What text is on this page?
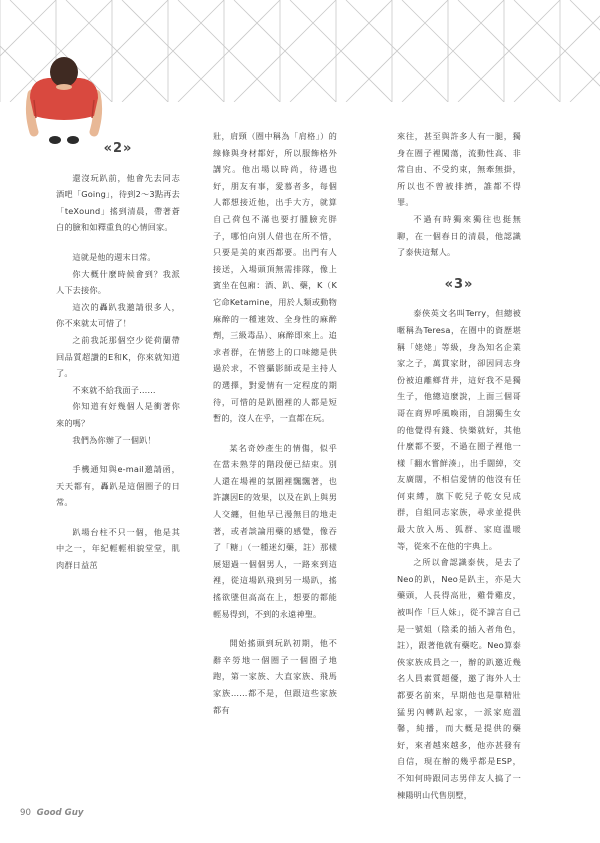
«2»

還沒玩趴前，他會先去同志酒吧「Going」，待到2～3點再去「teXound」搖到清晨，帶著蒼白的臉和如釋重負的心情回家。

這就是他的週末日常。

你大概什麼時候會到？我派人下去接你。

這次的轟趴我邀請很多人，你不來就太可惜了！

之前我託那個空少從荷蘭帶回品質超讚的E和K，你來就知道了。

不來就不給我面子……

你知道有好幾個人是衝著你來的嗎？

我們為你辦了一個趴！

手機通知與e-mail邀請函，天天都有，轟趴是這個圈子的日常。

趴場台柱不只一個，他是其中之一，年紀輕輕相貌堂堂，肌肉群日益茁

壯，肩頸（圈中稱為「肩格」）的線條與身材都好，所以服飾格外講究。他出場以時尚，待遇也好，朋友有事，愛慕者多，每個人都想接近他，出手大方，就算自己荷包不滿也要打腫臉充胖子，哪怕向別人借也在所不惜，只要是美的東西都要。出門有人接送，入場頭頂無需排隊，像上賓坐在包廂：酒、趴、藥，K（K它命Ketamine，用於人類或動物麻醉的一種速效、全身性的麻醉劑，三級毒品）、麻醉即來上。追求者群，在情慾上的口味總是供過於求，不管攝影師或是主持人的選擇，對愛情有一定程度的期待，可惜的是趴圈裡的人都是短暫的，沒人在乎，一直都在玩。

某名奇妙產生的情傷，似乎在當未熟芽的階段便已結束。別人還在場裡的氛圍裡飄飄著，也許讓因E的效果，以及在趴上與男人交纏，但他早已漫無目的地走著，或者談論用藥的感覺，像吞了「糖」（一種迷幻藥，註）那樣展翅過一個個男人，一路來到這裡，從這場趴飛到另一場趴，搖搖欲墜但高高在上，想要的都能輕易得到，不到的永遠神聖。

開始搖頭到玩趴初期，他不辭辛勞地一個圈子一個圈子地跑，第一家族、大直家族、飛馬家族……都不是，但跟這些家族都有

來往，甚至與許多人有一腿，獨身在圈子裡闖蕩，流動性高、非常自由、不受約束，無牽無掛，所以也不曾被排擠，誰都不得罪。

不過有時獨來獨往也挺無聊，在一個春日的清晨，他認識了泰俠這幫人。

«3»

泰俠英文名叫Terry，但總被暱稱為Teresa，在圈中的資歷堪稱「姥姥」等級，身為知名企業家之子，萬貫家財，卻因同志身份被迫離鄉背井，這好我不是獨生子，他總這麼說，上面三個哥哥在商界呼風喚雨，自詡獨生女的他覺得有錢、快樂就好，其他什麼都不要，不過在圈子裡他一樣「翻水嘗鮮湊」，出手闊綽，交友廣闊，不相信愛情的他沒有任何束縛，旗下乾兒子乾女兒成群，自組同志家族，尋求並提供最大放入馬、狐群、家庭溫暖等，從來不在他的宇典上。

之所以會認識泰俠，是去了Neo的趴，Neo是趴主，亦是大藥頭，人長得高壯，雞骨雞皮，被叫作「巨人妹」，從不諱言自己是一號姐（陰柔的插入者角色，註），跟著他就有藥吃。Neo算泰俠家族成員之一，辦的趴邀近幾名人員素質超優，邀了海外人士都要名前來，早期他也是靠精壯猛男內轉趴起家，一派家庭溫馨，純播，而大概是提供的藥好，來者越來越多，他亦甚發有自信，現在辦的幾乎都是ESP，不知何時跟同志男伴友人搞了一棟陽明山代售別墅，

90 Good Guy
